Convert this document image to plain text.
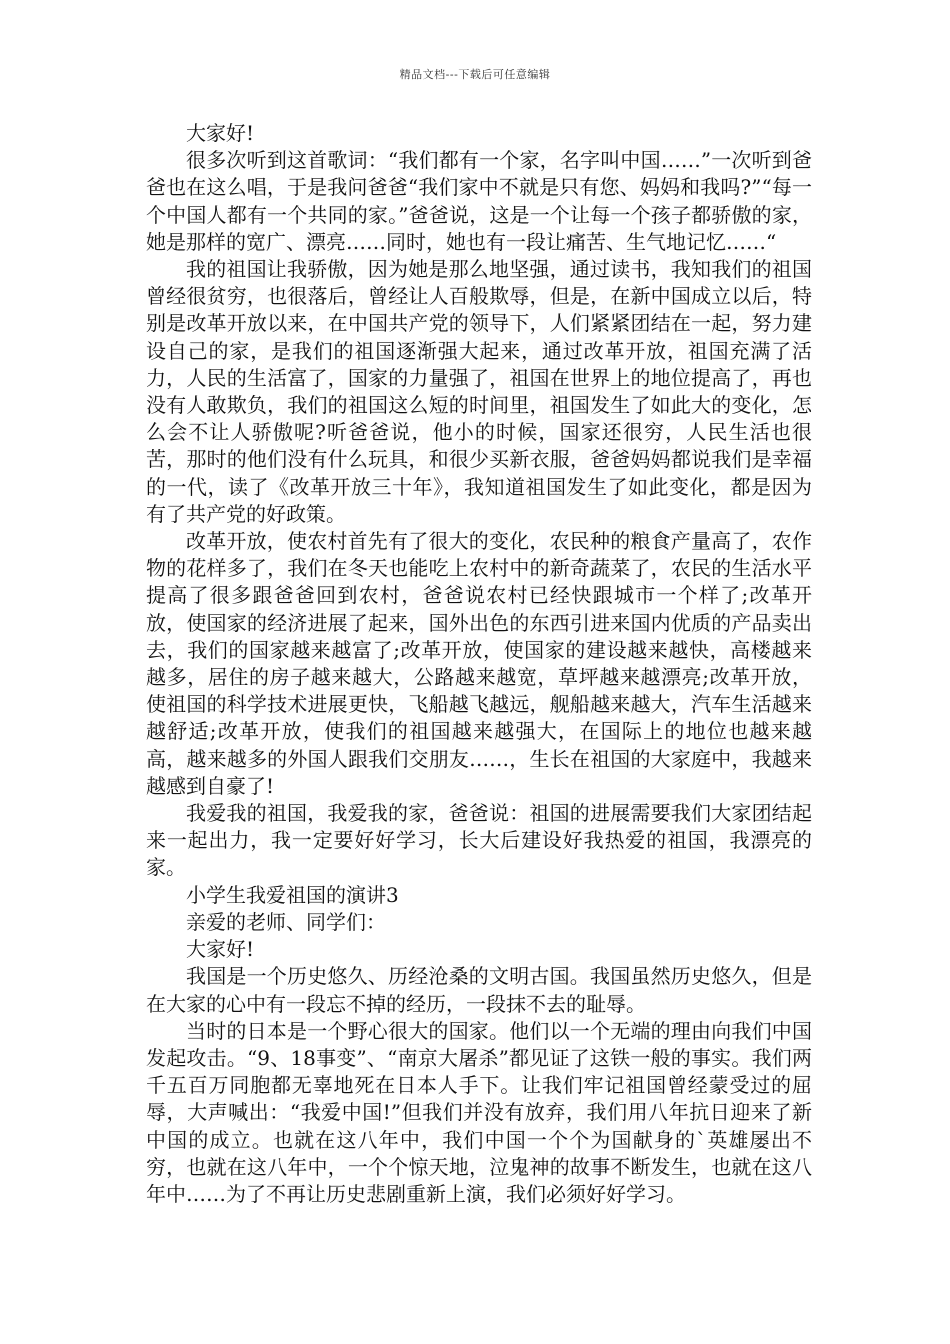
精品文档---下载后可任意编辑

大家好!

很多次听到这首歌词：“我们都有一个家，名字叫中国……”一次听到爸爸也在这么唱，于是我问爸爸“我们家中不就是只有您、妈妈和我吗?”“每一个中国人都有一个共同的家。”爸爸说，这是一个让每一个孩子都骄傲的家，她是那样的宽广、漂亮……同时，她也有一段让痛苦、生气地记忆……“

我的祖国让我骄傲，因为她是那么地坚强，通过读书，我知我们的祖国曾经很贫穷，也很落后，曾经让人百般欺辱，但是，在新中国成立以后，特别是改革开放以来，在中国共产党的领导下，人们紧紧团结在一起，努力建设自己的家，是我们的祖国逐渐强大起来，通过改革开放，祖国充满了活力，人民的生活富了，国家的力量强了，祖国在世界上的地位提高了，再也没有人敢欺负，我们的祖国这么短的时间里，祖国发生了如此大的变化，怎么会不让人骄傲呢?听爸爸说，他小的时候，国家还很穷，人民生活也很苦，那时的他们没有什么玩具，和很少买新衣服，爸爸妈妈都说我们是幸福的一代，读了《改革开放三十年》，我知道祖国发生了如此变化，都是因为有了共产党的好政策。

改革开放，使农村首先有了很大的变化，农民种的粮食产量高了，农作物的花样多了，我们在冬天也能吃上农村中的新奇蔬菜了，农民的生活水平提高了很多跟爸爸回到农村，爸爸说农村已经快跟城市一个样了;改革开放，使国家的经济进展了起来，国外出色的东西引进来国内优质的产品卖出去，我们的国家越来越富了;改革开放，使国家的建设越来越快，高楼越来越多，居住的房子越来越大，公路越来越宽，草坪越来越漂亮;改革开放，使祖国的科学技术进展更快，飞船越飞越远，舰船越来越大，汽车生活越来越舒适;改革开放，使我们的祖国越来越强大，在国际上的地位也越来越高，越来越多的外国人跟我们交朋友……，生长在祖国的大家庭中，我越来越感到自豪了!

我爱我的祖国，我爱我的家，爸爸说：祖国的进展需要我们大家团结起来一起出力，我一定要好好学习，长大后建设好我热爱的祖国，我漂亮的家。

小学生我爱祖国的演讲3

亲爱的老师、同学们：

大家好!

我国是一个历史悠久、历经沧桑的文明古国。我国虽然历史悠久，但是在大家的心中有一段忘不掉的经历，一段抹不去的耻辱。

当时的日本是一个野心很大的国家。他们以一个无端的理由向我们中国发起攻击。“9、18事变”、“南京大屠杀”都见证了这铁一般的事实。我们两千五百万同胞都无辜地死在日本人手下。让我们牢记祖国曾经蒙受过的屈辱，大声喊出：“我爱中国!”但我们并没有放弃，我们用八年抗日迎来了新中国的成立。也就在这八年中，我们中国一个个为国献身的`英雄屡出不穷，也就在这八年中，一个个惊天地，泣鬼神的故事不断发生，也就在这八年中……为了不再让历史悲剧重新上演，我们必须好好学习。
